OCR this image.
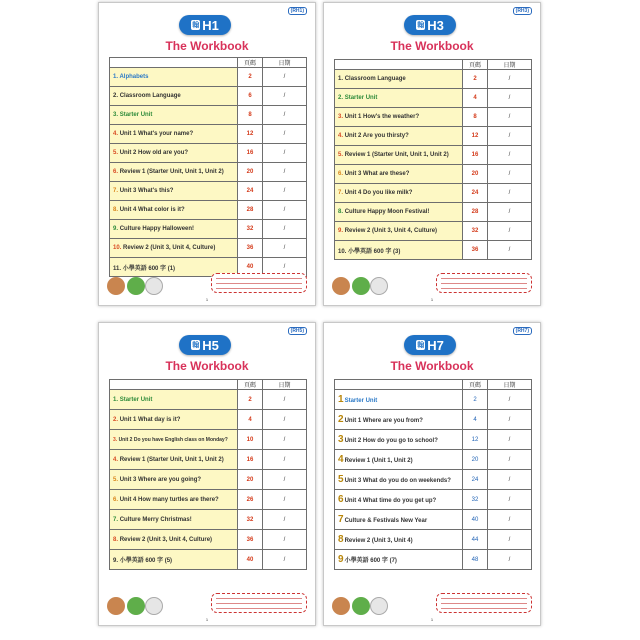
(RH1)
翰 H1
The Workbook
	頁碼	日期
1. Alphabets	2	/
2. Classroom Language	6	/
3. Starter Unit	8	/
4. Unit 1 What's your name?	12	/
5. Unit 2 How old are you?	16	/
6. Review 1 (Starter Unit, Unit 1, Unit 2)	20	/
7. Unit 3 What's this?	24	/
8. Unit 4 What color is it?	28	/
9. Culture Happy Halloween!	32	/
10. Review 2 (Unit 3, Unit 4, Culture)	36	/
11. 小學英語 600 字 (1)	40	/
1
(RH3)
翰 H3
The Workbook
	頁碼	日期
1. Classroom Language	2	/
2. Starter Unit	4	/
3. Unit 1 How's the weather?	8	/
4. Unit 2 Are you thirsty?	12	/
5. Review 1 (Starter Unit, Unit 1, Unit 2)	16	/
6. Unit 3 What are these?	20	/
7. Unit 4 Do you like milk?	24	/
8. Culture Happy Moon Festival!	28	/
9. Review 2 (Unit 3, Unit 4, Culture)	32	/
10. 小學英語 600 字 (3)	36	/
1
(RH5)
翰 H5
The Workbook
	頁碼	日期
1. Starter Unit	2	/
2. Unit 1 What day is it?	4	/
3. Unit 2 Do you have English class on Monday?	10	/
4. Review 1 (Starter Unit, Unit 1, Unit 2)	16	/
5. Unit 3 Where are you going?	20	/
6. Unit 4 How many turtles are there?	26	/
7. Culture Merry Christmas!	32	/
8. Review 2 (Unit 3, Unit 4, Culture)	36	/
9. 小學英語 600 字 (5)	40	/
1
(RH7)
翰 H7
The Workbook
	頁碼	日期
1Starter Unit	2	/
2Unit 1 Where are you from?	4	/
3Unit 2 How do you go to school?	12	/
4Review 1 (Unit 1, Unit 2)	20	/
5Unit 3 What do you do on weekends?	24	/
6Unit 4 What time do you get up?	32	/
7Culture & Festivals New Year	40	/
8Review 2 (Unit 3, Unit 4)	44	/
9小學英語 600 字 (7)	48	/
1
